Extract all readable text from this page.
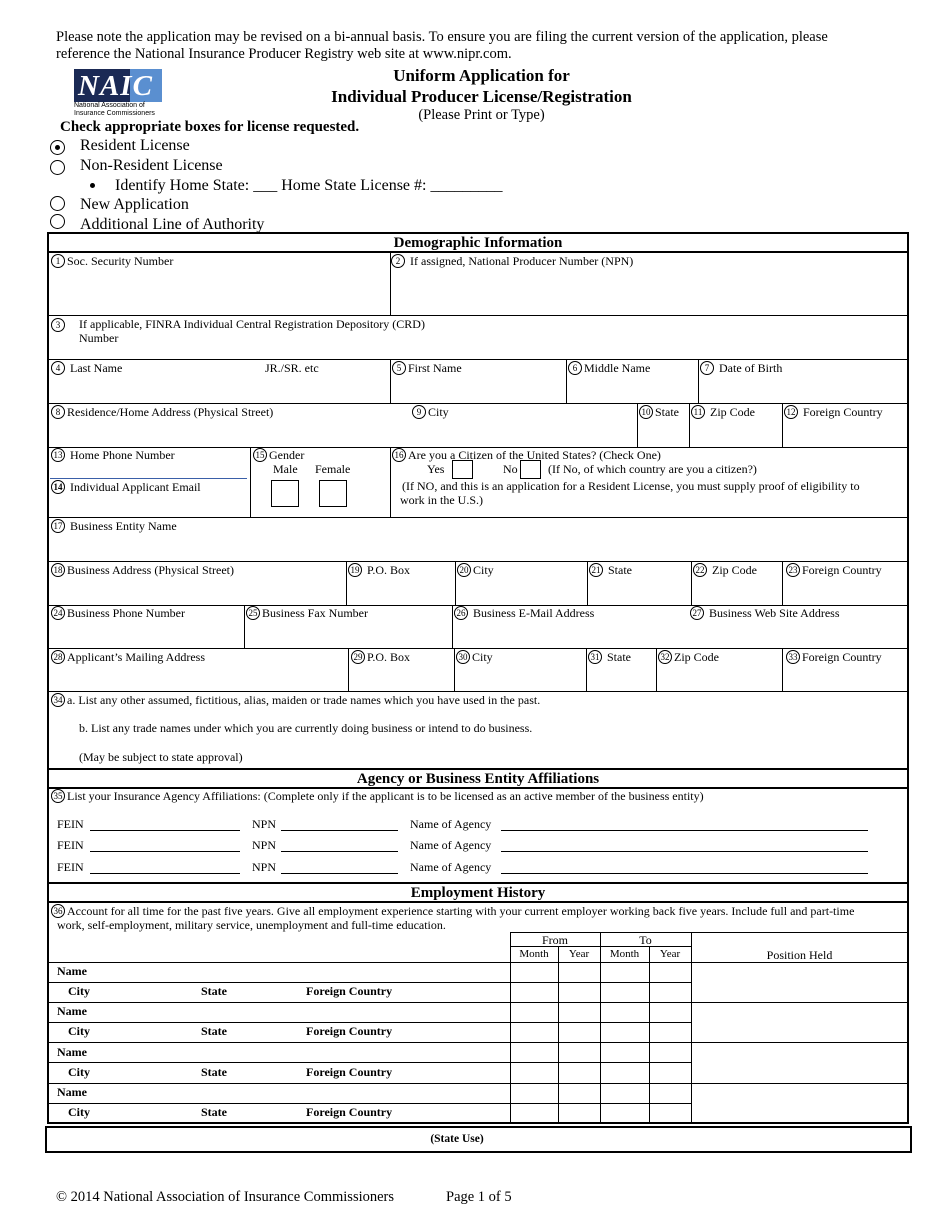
Please note the application may be revised on a bi-annual basis. To ensure you are filing the current version of the application, please
reference the National Insurance Producer Registry web site at www.nipr.com.
NAIC
National Association of
Insurance Commissioners
Uniform Application for
Individual Producer License/Registration
(Please Print or Type)
Check appropriate boxes for license requested.
Resident License
Non-Resident License
Identify Home State: ___ Home State License #: _________
New Application
Additional Line of Authority
Demographic Information
1 Soc. Security Number	2 If assigned, National Producer Number (NPN)
3	If applicable, FINRA Individual Central Registration Depository (CRD)
Number
4 Last Name	JR./SR. etc	5 First Name	6 Middle Name	7 Date of Birth
8 Residence/Home Address (Physical Street)	9 City	10 State 11 Zip Code	12 Foreign Country
13 Home Phone Number
14 Individual Applicant Email
15 Gender
Male Female
16 Are you a Citizen of the United States? (Check One)
Yes	No	(If No, of which country are you a citizen?)
(If NO, and this is an application for a Resident License, you must supply proof of eligibility to
work in the U.S.)
17 Business Entity Name
18 Business Address (Physical Street)	19 P.O. Box	20 City	21 State	22 Zip Code	23 Foreign Country
24 Business Phone Number	25 Business Fax Number	26 Business E-Mail Address	27 Business Web Site Address
28 Applicant’s Mailing Address	29 P.O. Box	30 City	31 State	32 Zip Code	33 Foreign Country
34 a. List any other assumed, fictitious, alias, maiden or trade names which you have used in the past.
b. List any trade names under which you are currently doing business or intend to do business.
(May be subject to state approval)
Agency or Business Entity Affiliations
35 List your Insurance Agency Affiliations: (Complete only if the applicant is to be licensed as an active member of the business entity)
FEIN	NPN	Name of Agency
FEIN	NPN	Name of Agency
FEIN	NPN	Name of Agency
Employment History
36 Account for all time for the past five years. Give all employment experience starting with your current employer working back five years. Include full and part-time
work, self-employment, military service, unemployment and full-time education.
From	To
Month	Year	Month	Year	Position Held
Name
City	State	Foreign Country
Name
City	State	Foreign Country
Name
City	State	Foreign Country
Name
City	State	Foreign Country
(State Use)
© 2014 National Association of Insurance Commissioners	Page 1 of 5
